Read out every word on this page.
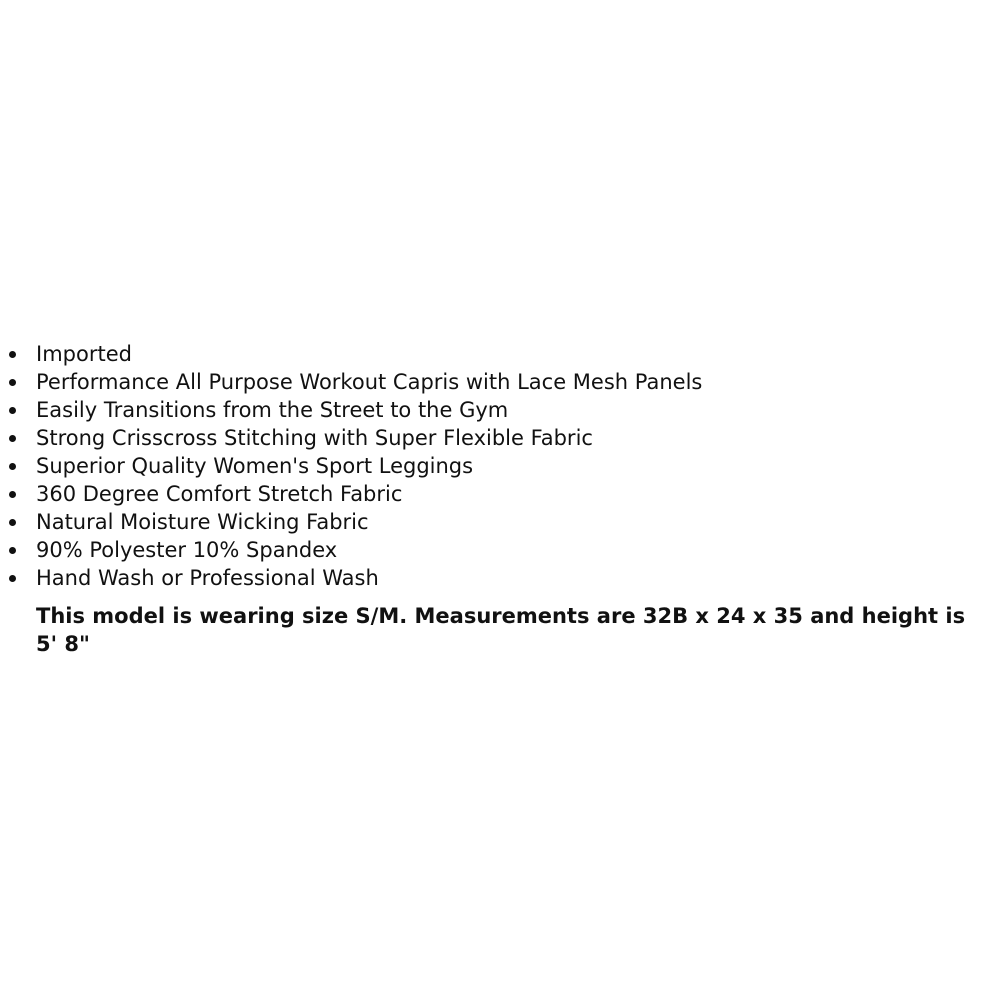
Imported
Performance All Purpose Workout Capris with Lace Mesh Panels
Easily Transitions from the Street to the Gym
Strong Crisscross Stitching with Super Flexible Fabric
Superior Quality Women's Sport Leggings
360 Degree Comfort Stretch Fabric
Natural Moisture Wicking Fabric
90% Polyester 10% Spandex
Hand Wash or Professional Wash

This model is wearing size S/M. Measurements are 32B x 24 x 35 and height is 5' 8"
